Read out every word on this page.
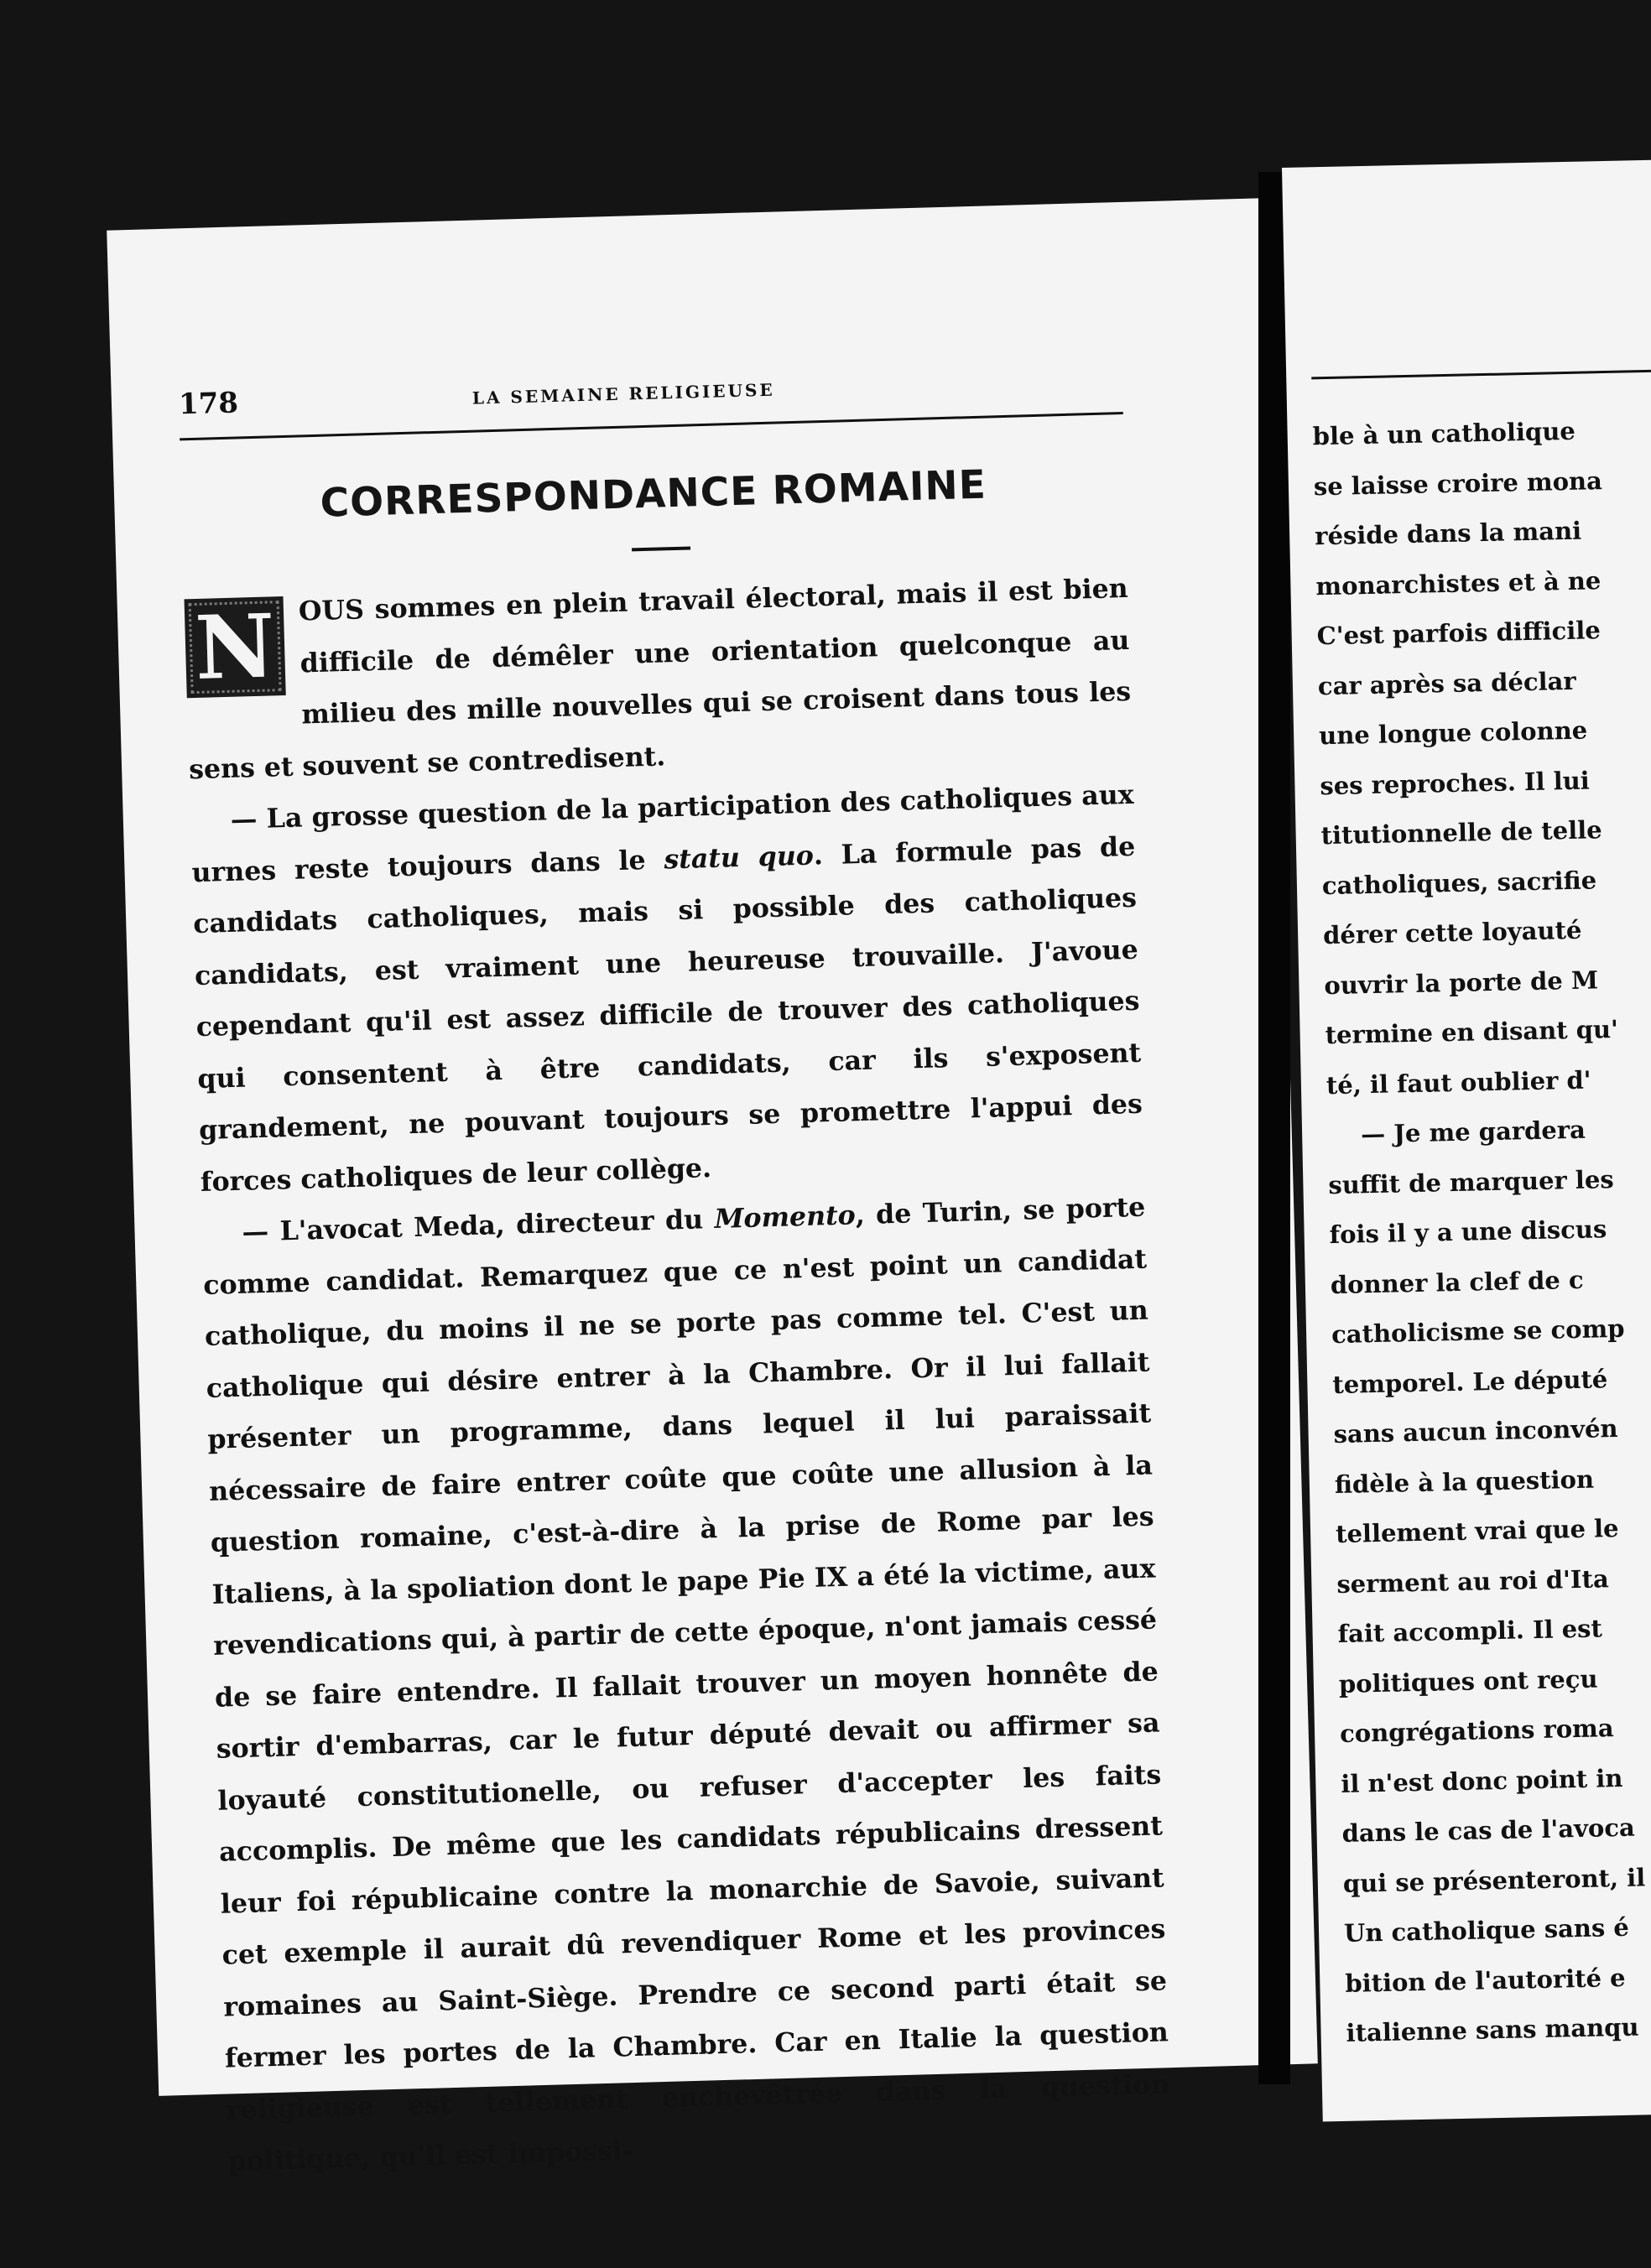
178	LA SEMAINE RELIGIEUSE
CORRESPONDANCE ROMAINE

N OUS sommes en plein travail électoral, mais il est bien difficile de démêler une orientation quelconque au milieu des mille nouvelles qui se croisent dans tous les sens et souvent se contredisent.

— La grosse question de la participation des catholiques aux urnes reste toujours dans le statu quo. La formule pas de candidats catholiques, mais si possible des catholiques candidats, est vraiment une heureuse trouvaille. J'avoue cependant qu'il est assez difficile de trouver des catholiques qui consentent à être candidats, car ils s'exposent grandement, ne pouvant toujours se promettre l'appui des forces catholiques de leur collège.

— L'avocat Meda, directeur du Momento, de Turin, se porte comme candidat. Remarquez que ce n'est point un candidat catholique, du moins il ne se porte pas comme tel. C'est un catholique qui désire entrer à la Chambre. Or il lui fallait présenter un programme, dans lequel il lui paraissait nécessaire de faire entrer coûte que coûte une allusion à la question romaine, c'est-à-dire à la prise de Rome par les Italiens, à la spoliation dont le pape Pie IX a été la victime, aux revendications qui, à partir de cette époque, n'ont jamais cessé de se faire entendre. Il fallait trouver un moyen honnête de sortir d'embarras, car le futur député devait ou affirmer sa loyauté constitutionelle, ou refuser d'accepter les faits accomplis. De même que les candidats républicains dressent leur foi républicaine contre la monarchie de Savoie, suivant cet exemple il aurait dû revendiquer Rome et les provinces romaines au Saint-Siège. Prendre ce second parti était se fermer les portes de la Chambre. Car en Italie la question religieuse est tellement enchevêtrée dans la question politique, qu'il est impossi-

ble à un catholique
se laisse croire mona
réside dans la mani
monarchistes et à ne
C'est parfois difficile
car après sa déclar
une longue colonne
ses reproches. Il lui
titutionnelle de telle
catholiques, sacrifie
dérer cette loyauté
ouvrir la porte de M
termine en disant qu'
té, il faut oublier d'
— Je me gardera
suffit de marquer les
fois il y a une discus
donner la clef de c
catholicisme se comp
temporel. Le député
sans aucun inconvén
fidèle à la question
tellement vrai que le
serment au roi d'Ita
fait accompli. Il est
politiques ont reçu
congrégations roma
il n'est donc point in
dans le cas de l'avoca
qui se présenteront, il
Un catholique sans é
bition de l'autorité e
italienne sans manqu
